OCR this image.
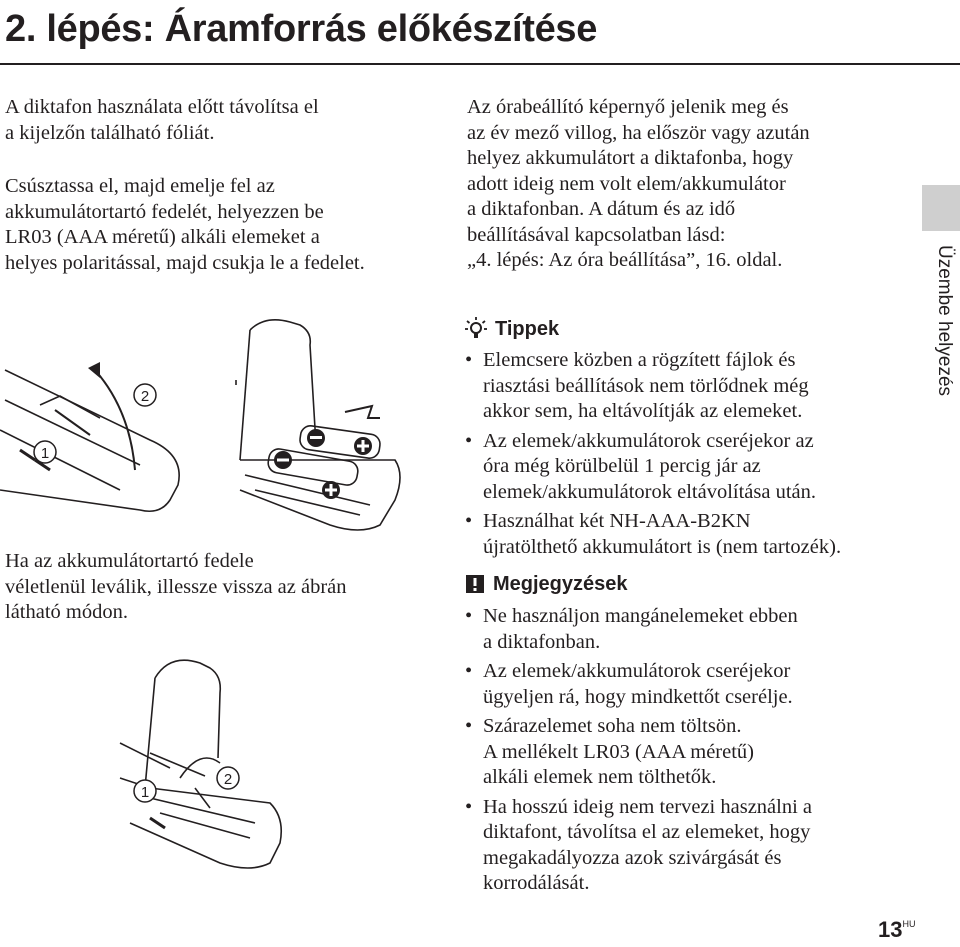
2. lépés: Áramforrás előkészítése

A diktafon használata előtt távolítsa el
a kijelzőn található fóliát.

Csúsztassa el, majd emelje fel az
akkumulátortartó fedelét, helyezzen be
LR03 (AAA méretű) alkáli elemeket a
helyes polaritással, majd csukja le a fedelet.

1
2

Ha az akkumulátortartó fedele
véletlenül leválik, illessze vissza az ábrán
látható módon.

1
2

Az órabeállító képernyő jelenik meg és
az év mező villog, ha először vagy azután
helyez akkumulátort a diktafonba, hogy
adott ideig nem volt elem/akkumulátor
a diktafonban. A dátum és az idő
beállításával kapcsolatban lásd:
„4. lépés: Az óra beállítása”, 16. oldal.

Tippek
• Elemcsere közben a rögzített fájlok és
riasztási beállítások nem törlődnek még
akkor sem, ha eltávolítják az elemeket.
• Az elemek/akkumulátorok cseréjekor az
óra még körülbelül 1 percig jár az
elemek/akkumulátorok eltávolítása után.
• Használhat két NH-AAA-B2KN
újratölthető akkumulátort is (nem tartozék).
Megjegyzések
• Ne használjon mangánelemeket ebben
a diktafonban.
• Az elemek/akkumulátorok cseréjekor
ügyeljen rá, hogy mindkettőt cserélje.
• Szárazelemet soha nem töltsön.
A mellékelt LR03 (AAA méretű)
alkáli elemek nem tölthetők.
• Ha hosszú ideig nem tervezi használni a
diktafont, távolítsa el az elemeket, hogy
megakadályozza azok szivárgását és
korrodálását.
Üzembe helyezés
$13^{HU}$
